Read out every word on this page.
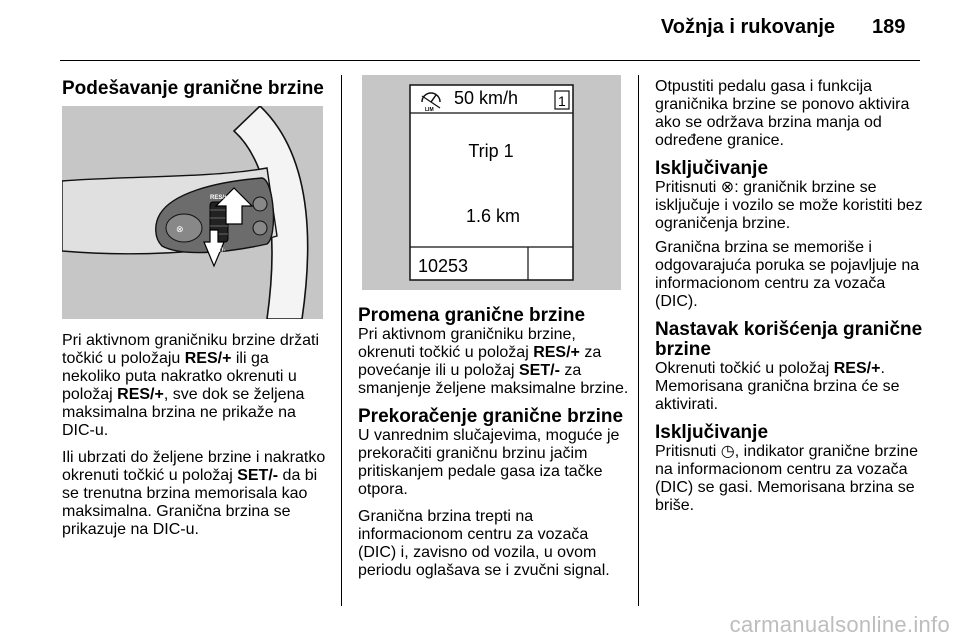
Vožnja i rukovanje 189
Podešavanje granične brzine
⊗
RES/+
SET/-

Pri aktivnom graničniku brzine držati točkić u položaju RES/+ ili ga nekoliko puta nakratko okrenuti u položaj RES/+, sve dok se željena maksimalna brzina ne prikaže na DIC-u.

Ili ubrzati do željene brzine i nakratko okrenuti točkić u položaj SET/- da bi se trenutna brzina memorisala kao maksimalna. Granična brzina se prikazuje na DIC-u.

LIM
50 km/h	1
Trip 1
1.6 km
10253
Promena granične brzine

Pri aktivnom graničniku brzine, okrenuti točkić u položaj RES/+ za povećanje ili u položaj SET/- za smanjenje željene maksimalne brzine.

Prekoračenje granične brzine

U vanrednim slučajevima, moguće je prekoračiti graničnu brzinu jačim pritiskanjem pedale gasa iza tačke otpora.

Granična brzina trepti na informacionom centru za vozača (DIC) i, zavisno od vozila, u ovom periodu oglašava se i zvučni signal.

Otpustiti pedalu gasa i funkcija graničnika brzine se ponovo aktivira ako se održava brzina manja od određene granice.

Isključivanje

Pritisnuti ⊗: graničnik brzine se isključuje i vozilo se može koristiti bez ograničenja brzine.

Granična brzina se memoriše i odgovarajuća poruka se pojavljuje na informacionom centru za vozača (DIC).

Nastavak korišćenja granične brzine

Okrenuti točkić u položaj RES/+. Memorisana granična brzina će se aktivirati.

Isključivanje

Pritisnuti ◷, indikator granične brzine na informacionom centru za vozača (DIC) se gasi. Memorisana brzina se briše.

carmanualsonline.info
